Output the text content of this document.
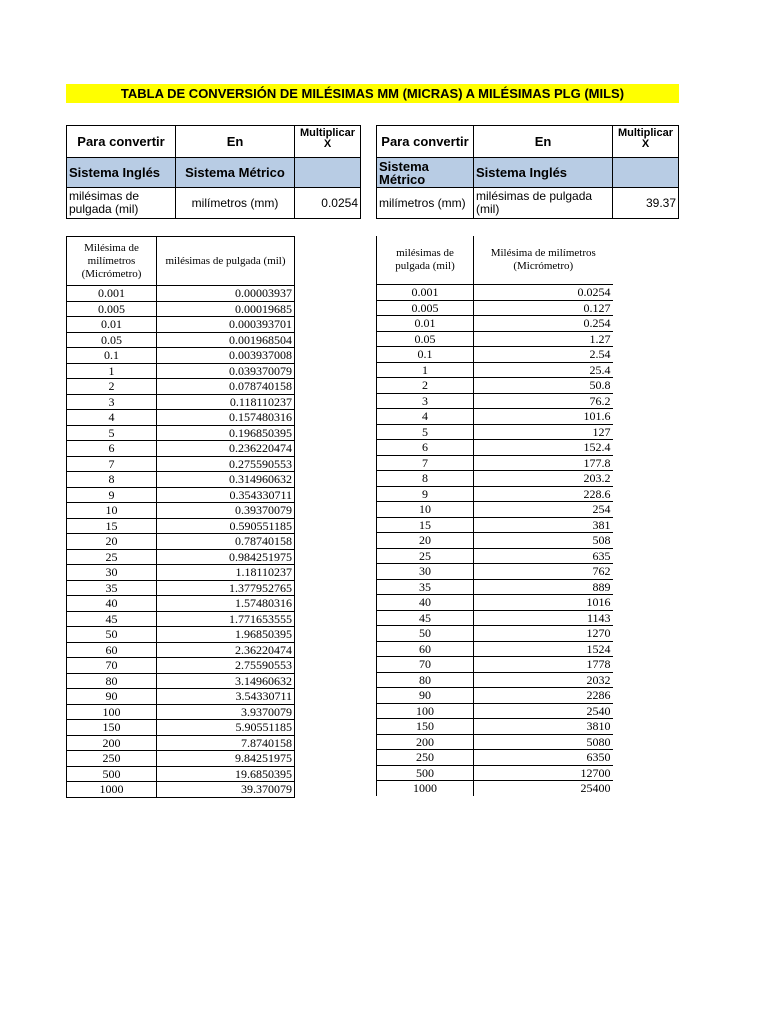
TABLA DE CONVERSIÓN DE MILÉSIMAS MM (MICRAS) A MILÉSIMAS PLG (MILS)
Para convertir	En	Multiplicar
X
Sistema Inglés	Sistema Métrico	
milésimas de pulgada (mil)	milímetros (mm)	0.0254
Para convertir	En	Multiplicar
X
Sistema Métrico	Sistema Inglés	
milímetros (mm)	milésimas de pulgada (mil)	39.37
Milésima de milímetros (Micrómetro)	milésimas de pulgada (mil)
0.001	0.00003937
0.005	0.00019685
0.01	0.000393701
0.05	0.001968504
0.1	0.003937008
1	0.039370079
2	0.078740158
3	0.118110237
4	0.157480316
5	0.196850395
6	0.236220474
7	0.275590553
8	0.314960632
9	0.354330711
10	0.39370079
15	0.590551185
20	0.78740158
25	0.984251975
30	1.18110237
35	1.377952765
40	1.57480316
45	1.771653555
50	1.96850395
60	2.36220474
70	2.75590553
80	3.14960632
90	3.54330711
100	3.9370079
150	5.90551185
200	7.8740158
250	9.84251975
500	19.6850395
1000	39.370079
milésimas de pulgada (mil)	Milésima de milímetros (Micrómetro)
0.001	0.0254
0.005	0.127
0.01	0.254
0.05	1.27
0.1	2.54
1	25.4
2	50.8
3	76.2
4	101.6
5	127
6	152.4
7	177.8
8	203.2
9	228.6
10	254
15	381
20	508
25	635
30	762
35	889
40	1016
45	1143
50	1270
60	1524
70	1778
80	2032
90	2286
100	2540
150	3810
200	5080
250	6350
500	12700
1000	25400
